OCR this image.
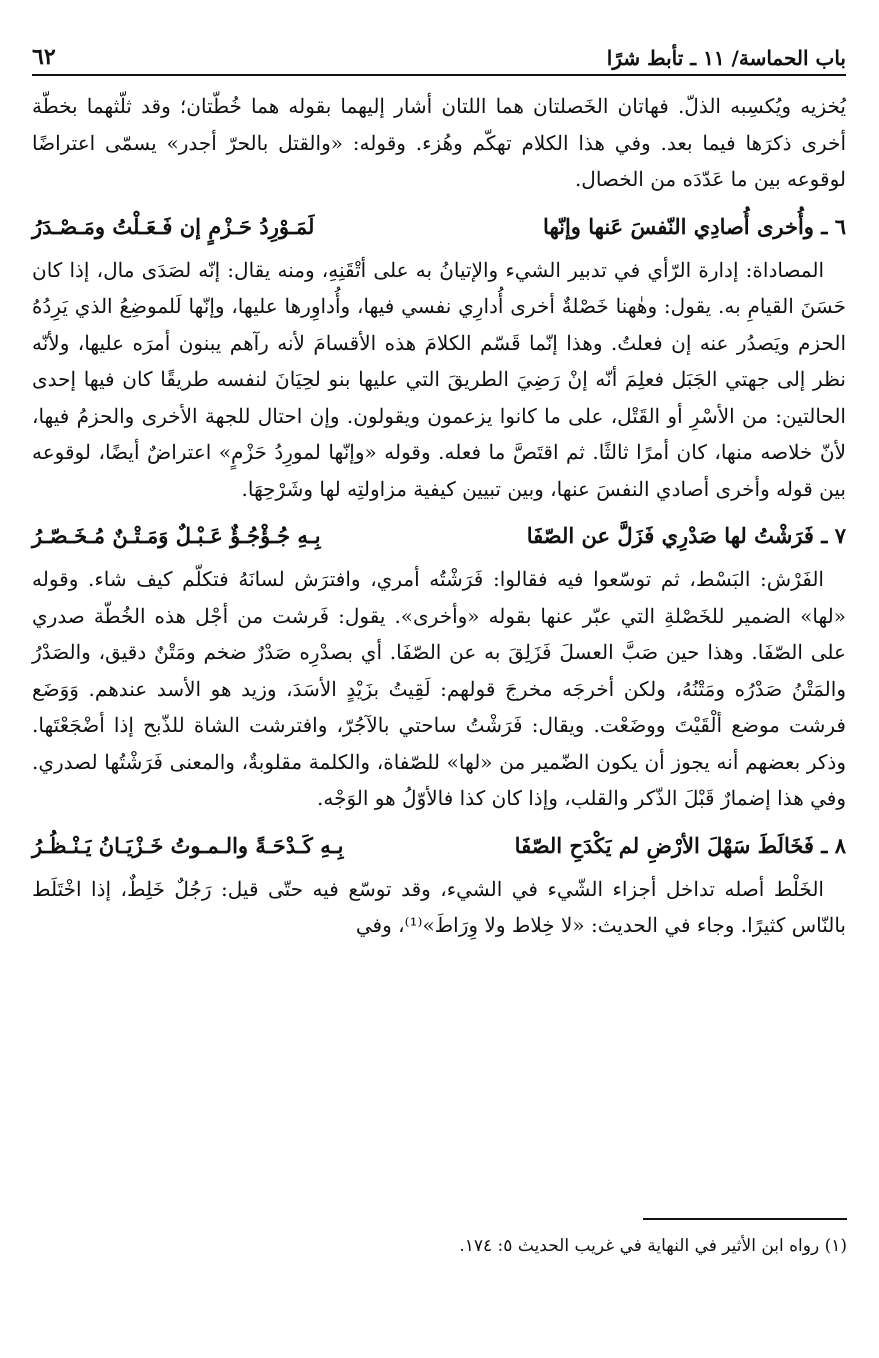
باب الحماسة/ ١١ ـ تأبط شرًا
٦٢

يُخزيه ويُكسِبه الذلّ. فهاتان الخَصلتان هما اللتان أشار إليهما بقوله هما خُطّتان؛ وقد ثلّثهما بخطّة أخرى ذكرَها فيما بعد. وفي هذا الكلام تهكّم وهُزء. وقوله: «والقتل بالحرّ أجدر» يسمّى اعتراضًا لوقوعه بين ما عَدّدَه من الخصال.

٦ ـ وأُخرى أُصادِي النّفسَ عَنها وإنّها
لَمَـوْرِدُ حَـزْمٍ إن فَـعَـلْتُ ومَـصْـدَرُ

المصاداة: إدارة الرّأي في تدبير الشيء والإتيانُ به على أتْقَنِهِ، ومنه يقال: إنّه لصَدَى مال، إذا كان حَسَنَ القيامِ به. يقول: وهٰهنا خَصْلةٌ أخرى أُدارِي نفسي فيها، وأُداوِرها عليها، وإنّها لَلموضِعُ الذي يَرِدُهُ الحزم ويَصدُر عنه إن فعلتُ. وهذا إنّما قَسّم الكلامَ هذه الأقسامَ لأنه رآهم يبنون أمرَه عليها، ولأنّه نظر إلى جهتي الجَبَل فعلِمَ أنّه إنْ رَضِيَ الطريقَ التي عليها بنو لحِيَانَ لنفسه طريقًا كان فيها إحدى الحالتين: من الأسْرِ أو القَتْل، على ما كانوا يزعمون ويقولون. وإن احتال للجهة الأخرى والحزمُ فيها، لأنّ خلاصه منها، كان أمرًا ثالثًا. ثم اقتَصَّ ما فعله. وقوله «وإنّها لمورِدُ حَزْمٍ» اعتراضٌ أيضًا، لوقوعه بين قوله وأخرى أصادي النفسَ عنها، وبين تبيين كيفية مزاولتِه لها وشَرْحِهَا.

٧ ـ فَرَشْتُ لها صَدْرِي فَزَلَّ عن الصّفَا
بِـهِ جُـؤْجُـؤٌ عَـبْـلٌ وَمَـتْـنٌ مُـخَـصّـرُ

الفَرْش: البَسْط، ثم توسّعوا فيه فقالوا: فَرَشْتُه أمري، وافترَش لسانَهُ فتكلّم كيف شاء. وقوله «لها» الضمير للخَصْلةِ التي عبّر عنها بقوله «وأخرى». يقول: فَرشت من أجْل هذه الخُطّة صدري على الصّفَا. وهذا حين صَبَّ العسلَ فَزَلِقَ به عن الصّفَا. أي بصدْرِه صَدْرٌ ضخم ومَتْنٌ دقيق، والصَدْرُ والمَتْنُ صَدْرُه ومَتْنُهُ، ولكن أخرجَه مخرجَ قولهم: لَقِيتُ بزَيْدٍ الأسَدَ، وزيد هو الأسد عندهم. وَوَضَع فرشت موضع ألْقَيْتَ ووضَعْت. ويقال: فَرَشْتُ ساحتي بالآجُرّ، وافترشت الشاة للذّبح إذا أضْجَعْتَها. وذكر بعضهم أنه يجوز أن يكون الضّمير من «لها» للصّفاة، والكلمة مقلوبةٌ، والمعنى فَرَشْتُها لصدري. وفي هذا إضمارٌ قَبْلَ الذّكر والقلب، وإذا كان كذا فالأوّلُ هو الوَجْه.

٨ ـ فَخَالَطَ سَهْلَ الأرْضِ لم يَكْدَحِ الصّفَا
بِـهِ كَـدْحَـةً والـمـوتُ خَـزْيَـانُ يَـنْـظُـرُ

الخَلْط أصله تداخل أجزاء الشّيء في الشيء، وقد توسّع فيه حتّى قيل: رَجُلٌ خَلِطٌ، إذا اخْتَلَط بالنّاس كثيرًا. وجاء في الحديث: «لا خِلاط ولا وِرَاطَ»⁽¹⁾، وفي

(١) رواه ابن الأثير في النهاية في غريب الحديث ٥: ١٧٤.
